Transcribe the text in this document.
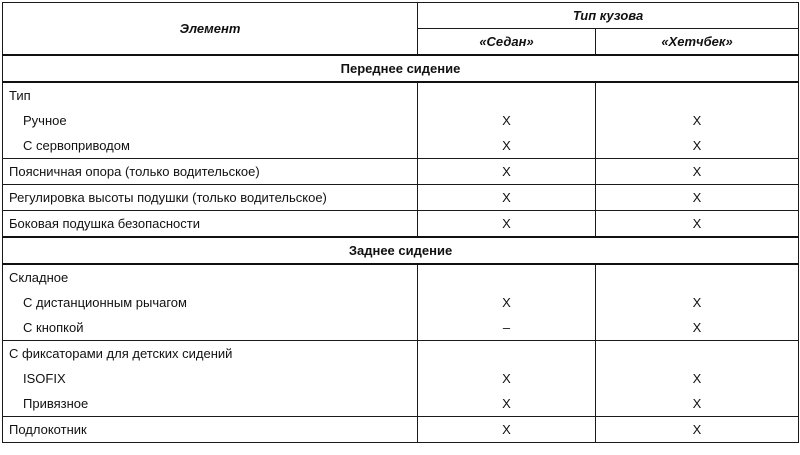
Элемент	Тип кузова	
	«Седан»	«Хетчбек»
Переднее сидение		
Тип		
Ручное	X	X
С сервоприводом	X	X
Поясничная опора (только водительское)	X	X
Регулировка высоты подушки (только водительское)	X	X
Боковая подушка безопасности	X	X
Заднее сидение		
Складное		
С дистанционным рычагом	X	X
С кнопкой	–	X
С фиксаторами для детских сидений		
ISOFIX	X	X
Привязное	X	X
Подлокотник	X	X
